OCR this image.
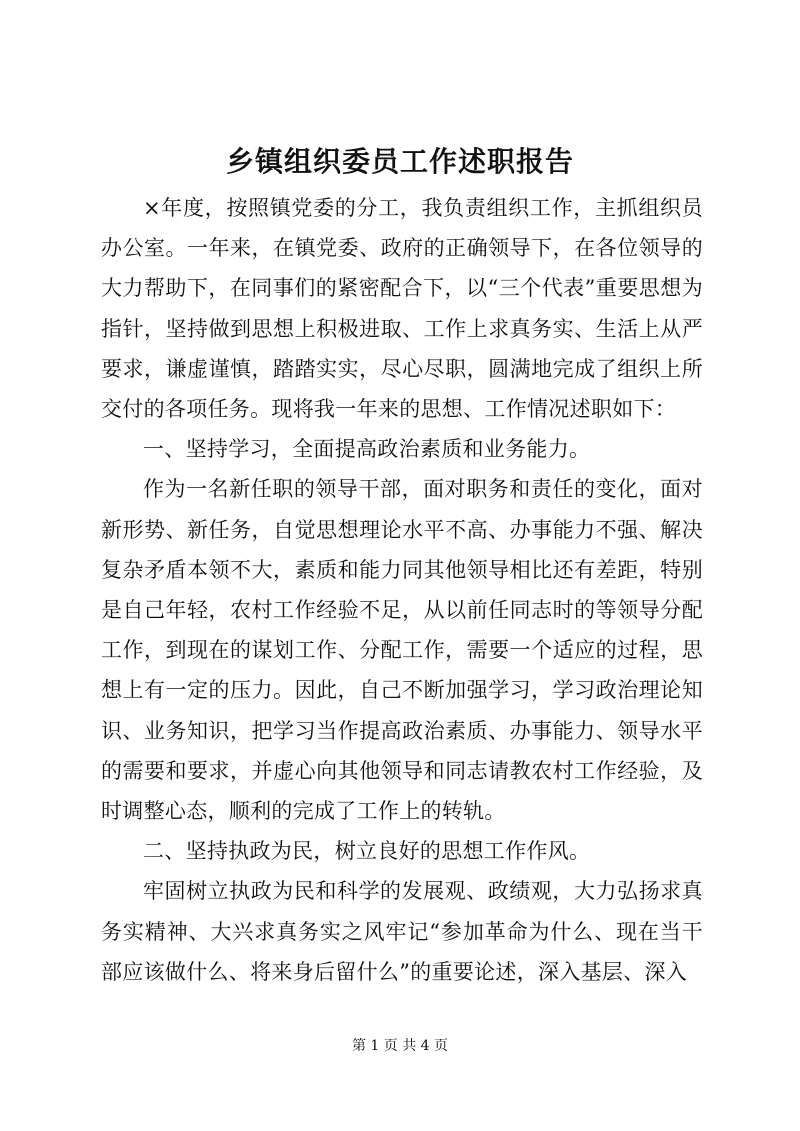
乡镇组织委员工作述职报告

×年度，按照镇党委的分工，我负责组织工作，主抓组织员办公室。一年来，在镇党委、政府的正确领导下，在各位领导的大力帮助下，在同事们的紧密配合下，以“三个代表”重要思想为指针，坚持做到思想上积极进取、工作上求真务实、生活上从严要求，谦虚谨慎，踏踏实实，尽心尽职，圆满地完成了组织上所交付的各项任务。现将我一年来的思想、工作情况述职如下：

一、坚持学习，全面提高政治素质和业务能力。

作为一名新任职的领导干部，面对职务和责任的变化，面对新形势、新任务，自觉思想理论水平不高、办事能力不强、解决复杂矛盾本领不大，素质和能力同其他领导相比还有差距，特别是自己年轻，农村工作经验不足，从以前任同志时的等领导分配工作，到现在的谋划工作、分配工作，需要一个适应的过程，思想上有一定的压力。因此，自己不断加强学习，学习政治理论知识、业务知识，把学习当作提高政治素质、办事能力、领导水平的需要和要求，并虚心向其他领导和同志请教农村工作经验，及时调整心态，顺利的完成了工作上的转轨。

二、坚持执政为民，树立良好的思想工作作风。

牢固树立执政为民和科学的发展观、政绩观，大力弘扬求真务实精神、大兴求真务实之风牢记“参加革命为什么、现在当干部应该做什么、将来身后留什么”的重要论述，深入基层、深入

第 1 页 共 4 页
